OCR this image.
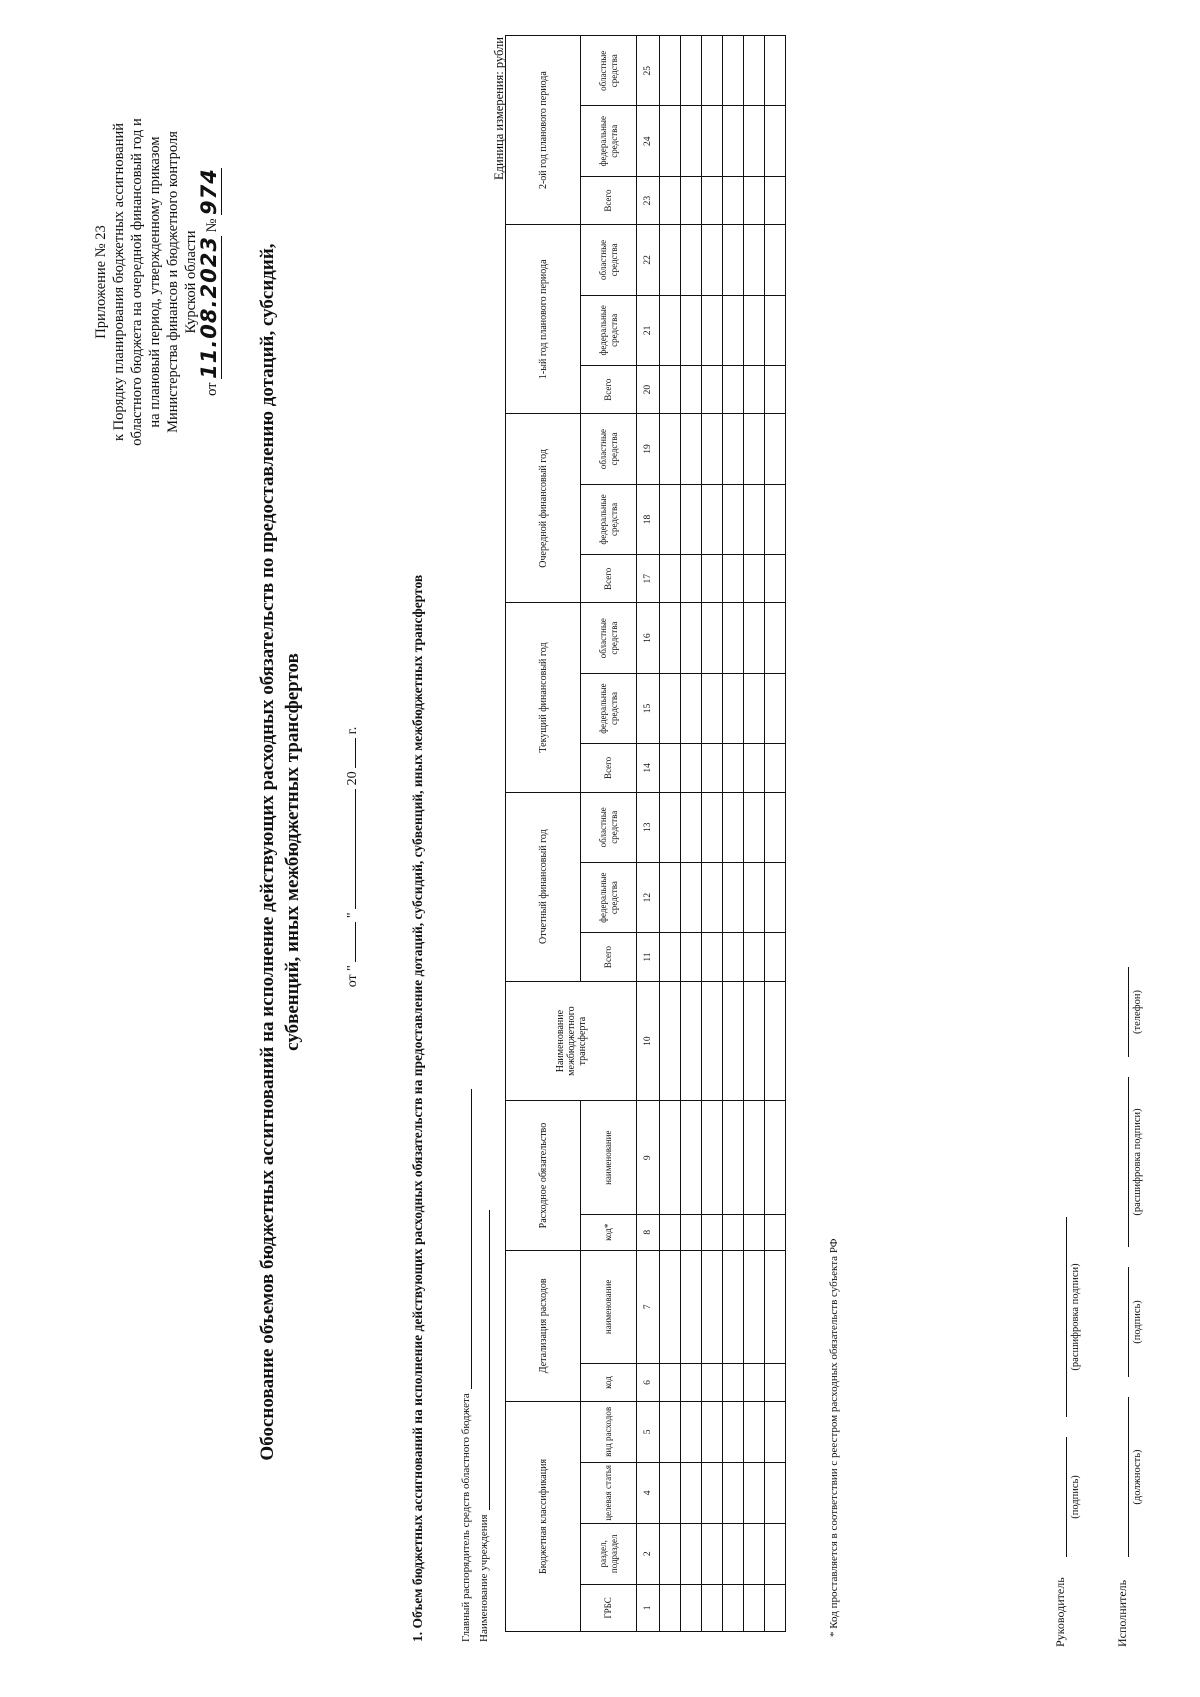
Приложение № 23 к Порядку планирования бюджетных ассигнований областного бюджета на очередной финансовый год и на плановый период, утвержденному приказом Министерства финансов и бюджетного контроля Курской области
от 11.08.2023 № 974
Обоснование объемов бюджетных ассигнований на исполнение действующих расходных обязательств по предоставлению дотаций, субсидий, субвенций, иных межбюджетных трансфертов	от "  "  20  г.	1. Объем бюджетных ассигнований на исполнение действующих расходных обязательств на предоставление дотаций, субсидий, субвенций, иных межбюджетных трансфертов	Главный распорядитель средств областного бюджета Наименование учреждения
Единица измерения: рубли
Бюджетная классификация				Детализация расходов		Расходное обязательство		Наименование межбюджетного трансферта	Отчетный финансовый год			Текущий финансовый год			Очередной финансовый год			1-ый год планового периода			2-ой год планового периода		
ГРБС	раздел, подраздел	целевая статья	вид расходов	код	наименование	код*	наименование		Всего	федеральные средства	областные средства	Всего	федеральные средства	областные средства	Всего	федеральные средства	областные средства	Всего	федеральные средства	областные средства	Всего	федеральные средства	областные средства
1	2	4	5	6	7	8	9	10	11	12	13	14	15	16	17	18	19	20	21	22	23	24	25

* Код проставляется в соответствии с реестром расходных обязательств субъекта РФ	Руководитель
(подпись)
(расшифровка подписи)
Исполнитель
(должность)
(подпись)
(расшифровка подписи)
(телефон)
